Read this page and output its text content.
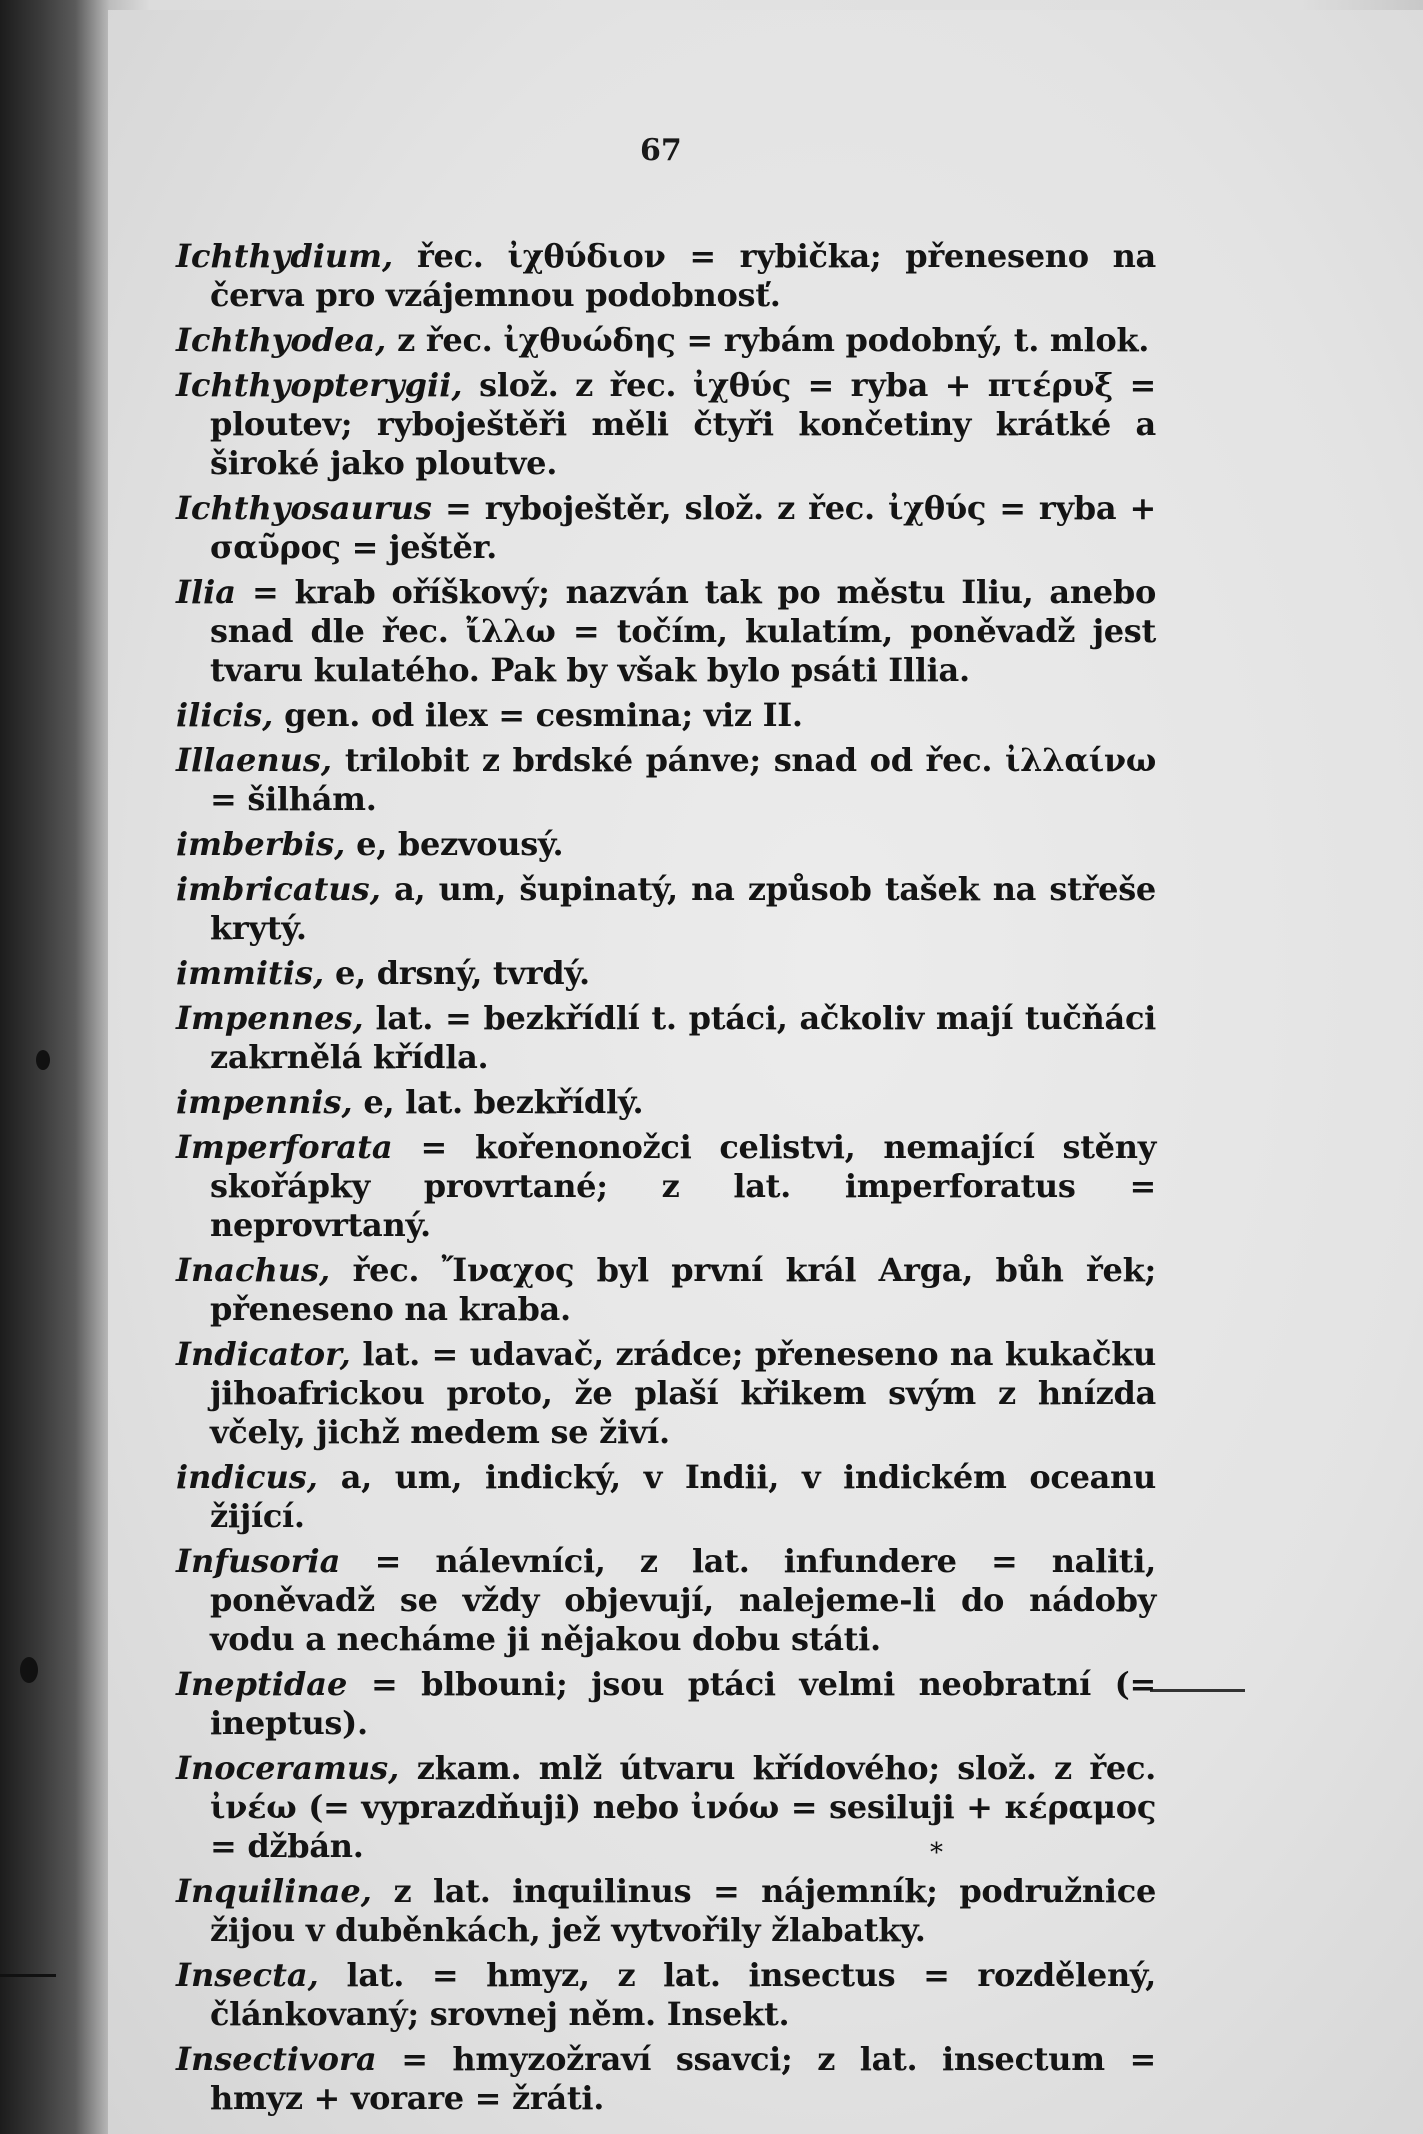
*
67
Ichthydium, řec. ἰχθύδιον = rybička; přeneseno na červa pro vzájemnou podobnosť.
Ichthyodea, z řec. ἰχθυώδης = rybám podobný, t. mlok.
Ichthyopterygii, slož. z řec. ἰχθύς = ryba + πτέρυξ = ploutev; ryboještěři měli čtyři končetiny krátké a široké jako ploutve.
Ichthyosaurus = ryboještěr, slož. z řec. ἰχθύς = ryba + σαῦρος = ještěr.
Ilia = krab oříškový; nazván tak po městu Iliu, anebo snad dle řec. ἴλλω = točím, kulatím, poněvadž jest tvaru kulatého. Pak by však bylo psáti Illia.
ilicis, gen. od ilex = cesmina; viz II.
Illaenus, trilobit z brdské pánve; snad od řec. ἰλλαίνω = šilhám.
imberbis, e, bezvousý.
imbricatus, a, um, šupinatý, na způsob tašek na střeše krytý.
immitis, e, drsný, tvrdý.
Impennes, lat. = bezkřídlí t. ptáci, ačkoliv mají tučňáci zakrnělá křídla.
impennis, e, lat. bezkřídlý.
Imperforata = kořenonožci celistvi, nemající stěny skořápky provrtané; z lat. imperforatus = neprovrtaný.
Inachus, řec. Ἴναχος byl první král Arga, bůh řek; přeneseno na kraba.
Indicator, lat. = udavač, zrádce; přeneseno na kukačku jihoafrickou proto, že plaší křikem svým z hnízda včely, jichž medem se živí.
indicus, a, um, indický, v Indii, v indickém oceanu žijící.
Infusoria = nálevníci, z lat. infundere = naliti, poněvadž se vždy objevují, nalejeme-li do nádoby vodu a necháme ji nějakou dobu státi.
Ineptidae = blbouni; jsou ptáci velmi neobratní (= ineptus).
Inoceramus, zkam. mlž útvaru křídového; slož. z řec. ἰνέω (= vyprazdňuji) nebo ἰνόω = sesiluji + κέραμος = džbán.
Inquilinae, z lat. inquilinus = nájemník; podružnice žijou v duběnkách, jež vytvořily žlabatky.
Insecta, lat. = hmyz, z lat. insectus = rozdělený, článkovaný; srovnej něm. Insekt.
Insectivora = hmyzožraví ssavci; z lat. insectum = hmyz + vorare = žráti.
